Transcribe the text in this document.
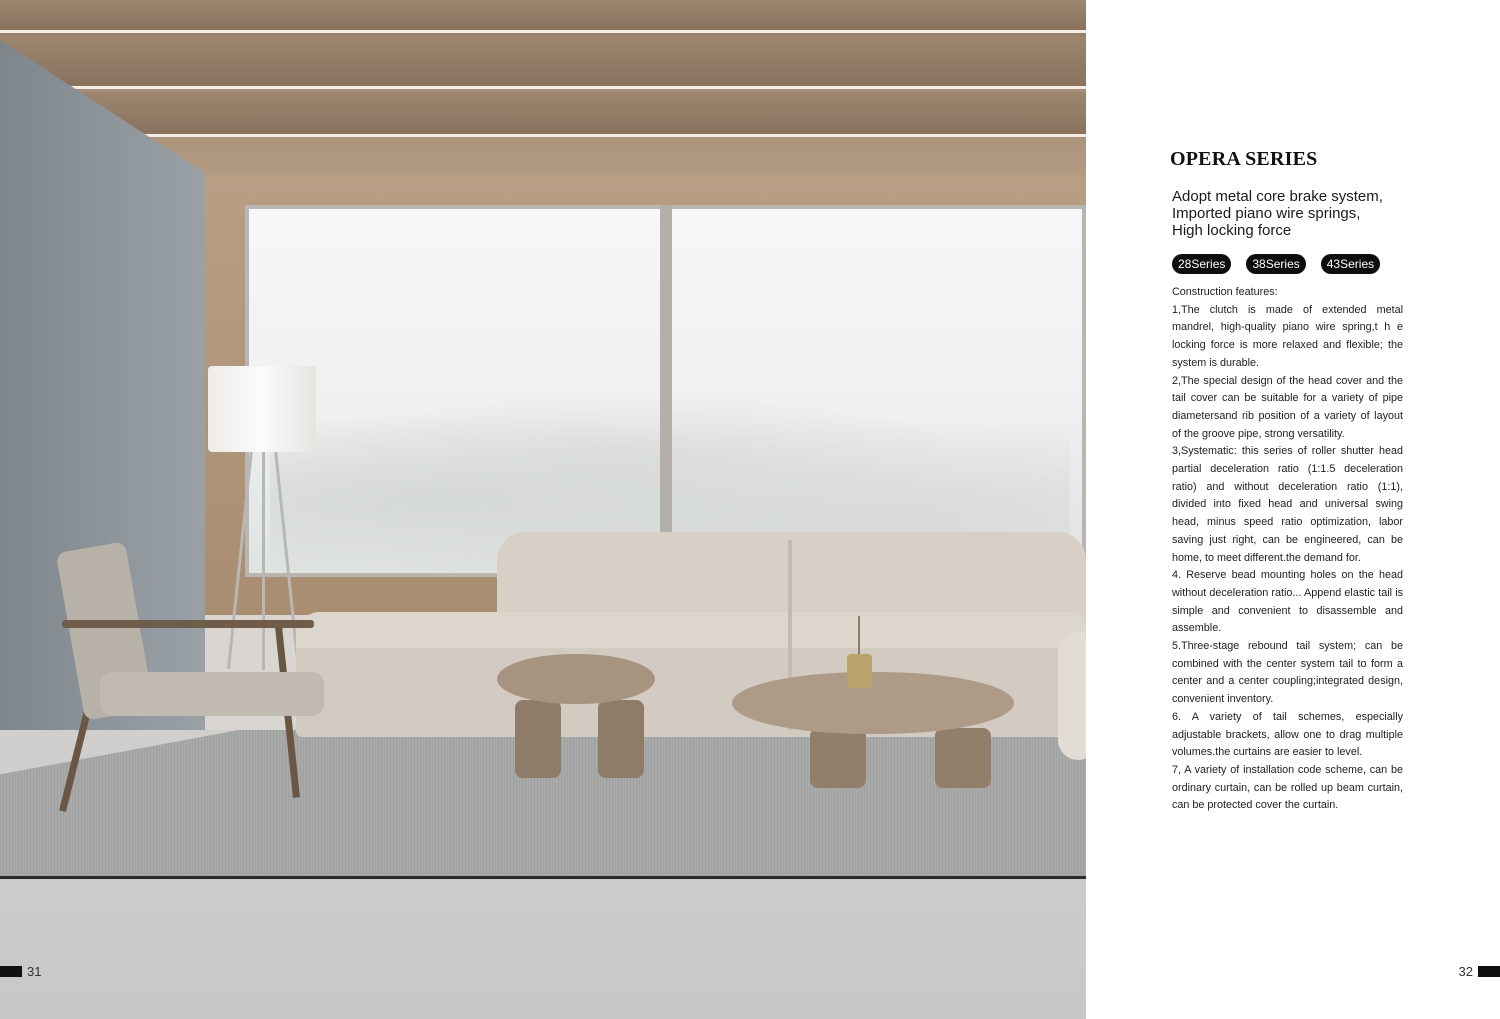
31	32
OPERA SERIES
Adopt metal core brake system,
Imported piano wire springs,
High locking force
28Series	38Series	43Series
Construction features:

1,The clutch is made of extended metal mandrel, high-quality piano wire spring,t h e locking force is more relaxed and flexible; the system is durable.

2,The special design of the head cover and the tail cover can be suitable for a variety of pipe diametersand rib position of a variety of layout of the groove pipe, strong versatility.

3,Systematic: this series of roller shutter head partial deceleration ratio (1:1.5 deceleration ratio) and without deceleration ratio (1:1), divided into fixed head and universal swing head, minus speed ratio optimization, labor saving just right, can be engineered, can be home, to meet different.the demand for.

4. Reserve bead mounting holes on the head without deceleration ratio... Append elastic tail is simple and convenient to disassemble and assemble.

5.Three-stage rebound tail system; can be combined with the center system tail to form a center and a center coupling;integrated design, convenient inventory.

6. A variety of tail schemes, especially adjustable brackets, allow one to drag multiple volumes.the curtains are easier to level.

7, A variety of installation code scheme, can be ordinary curtain, can be rolled up beam curtain, can be protected cover the curtain.
